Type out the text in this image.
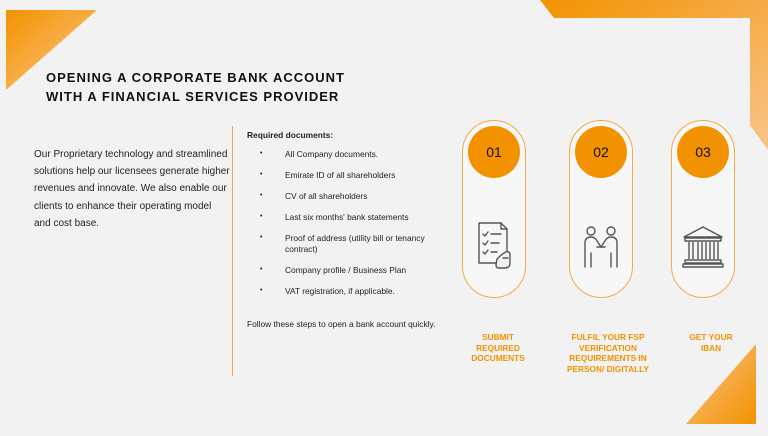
OPENING A CORPORATE BANK ACCOUNT
WITH A FINANCIAL SERVICES PROVIDER
Our Proprietary technology and streamlined solutions help our licensees generate higher revenues and innovate. We also enable our clients to enhance their operating model and cost base.
Required documents:
•	All Company documents.
•	Emirate ID of all shareholders
•	CV of all shareholders
•	Last six months' bank statements
•	Proof of address (utility bill or tenancy contract)
•	Company profile / Business Plan
•	VAT registration, if applicable.
Follow these steps to open a bank account quickly.
01	02	03
SUBMIT REQUIRED DOCUMENTS
FULFIL YOUR FSP VERIFICATION REQUIREMENTS IN PERSON/ DIGITALLY
GET YOUR IBAN
